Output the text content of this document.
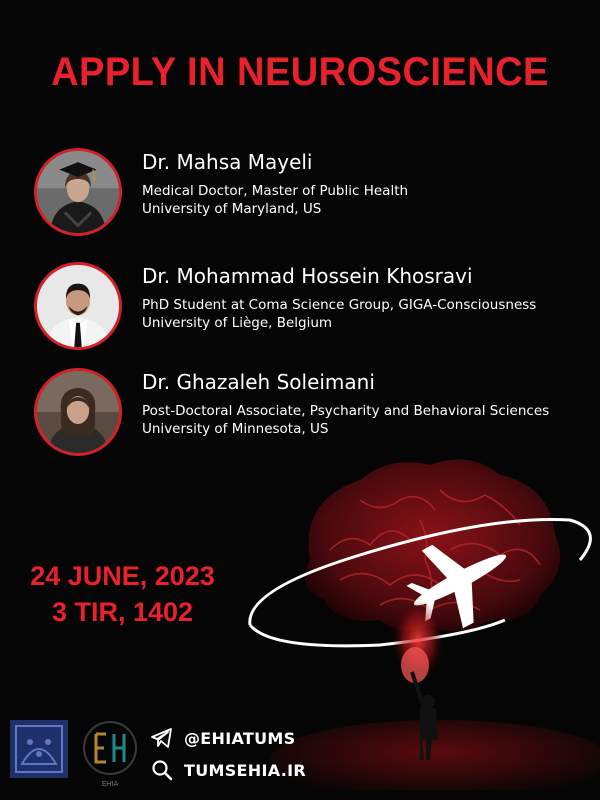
APPLY IN NEUROSCIENCE
Dr. Mahsa Mayeli
Medical Doctor, Master of Public Health
University of Maryland, US
Dr. Mohammad Hossein Khosravi
PhD Student at Coma Science Group, GIGA-Consciousness
University of Liège, Belgium
Dr. Ghazaleh Soleimani
Post-Doctoral Associate, Psycharity and Behavioral Sciences
University of Minnesota, US
24 JUNE, 2023
3 TIR, 1402
EHIA
@EHIATUMS
TUMSEHIA.IR
